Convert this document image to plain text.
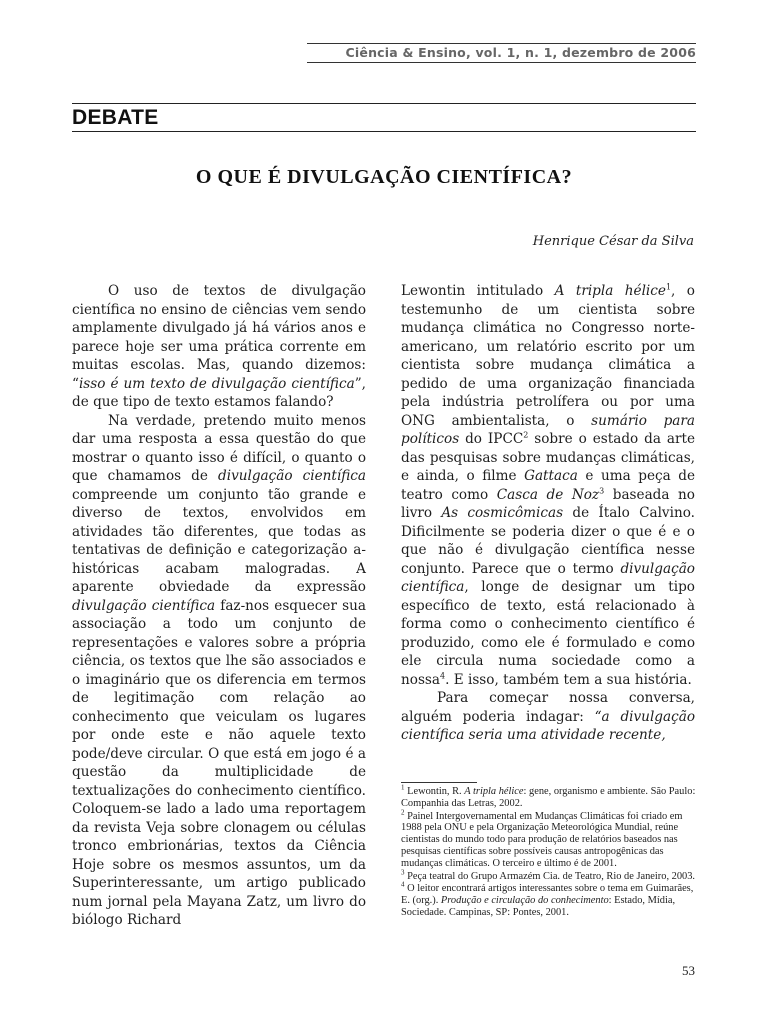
Ciência & Ensino, vol. 1, n. 1, dezembro de 2006
DEBATE
O QUE É DIVULGAÇÃO CIENTÍFICA?
Henrique César da Silva

O uso de textos de divulgação científica no ensino de ciências vem sendo amplamente divulgado já há vários anos e parece hoje ser uma prática corrente em muitas escolas. Mas, quando dizemos: “isso é um texto de divulgação científica”, de que tipo de texto estamos falando?

Na verdade, pretendo muito menos dar uma resposta a essa questão do que mostrar o quanto isso é difícil, o quanto o que chamamos de divulgação científica compreende um conjunto tão grande e diverso de textos, envolvidos em atividades tão diferentes, que todas as tentativas de definição e categorização a-históricas acabam malogradas. A aparente obviedade da expressão divulgação científica faz-nos esquecer sua associação a todo um conjunto de representações e valores sobre a própria ciência, os textos que lhe são associados e o imaginário que os diferencia em termos de legitimação com relação ao conhecimento que veiculam os lugares por onde este e não aquele texto pode/deve circular. O que está em jogo é a questão da multiplicidade de textualizações do conhecimento científico. Coloquem-se lado a lado uma reportagem da revista Veja sobre clonagem ou células tronco embrionárias, textos da Ciência Hoje sobre os mesmos assuntos, um da Superinteressante, um artigo publicado num jornal pela Mayana Zatz, um livro do biólogo Richard

Lewontin intitulado A tripla hélice$^1$, o testemunho de um cientista sobre mudança climática no Congresso norte-americano, um relatório escrito por um cientista sobre mudança climática a pedido de uma organização financiada pela indústria petrolífera ou por uma ONG ambientalista, o sumário para políticos do IPCC$^2$ sobre o estado da arte das pesquisas sobre mudanças climáticas, e ainda, o filme Gattaca e uma peça de teatro como Casca de Noz$^3$ baseada no livro As cosmicômicas de Ítalo Calvino. Dificilmente se poderia dizer o que é e o que não é divulgação científica nesse conjunto. Parece que o termo divulgação científica, longe de designar um tipo específico de texto, está relacionado à forma como o conhecimento científico é produzido, como ele é formulado e como ele circula numa sociedade como a nossa$^4$. E isso, também tem a sua história.

Para começar nossa conversa, alguém poderia indagar: “a divulgação científica seria uma atividade recente,

$^1$ Lewontin, R. A tripla hélice: gene, organismo e ambiente. São Paulo: Companhia das Letras, 2002.

$^2$ Painel Intergovernamental em Mudanças Climáticas foi criado em 1988 pela ONU e pela Organização Meteorológica Mundial, reúne cientistas do mundo todo para produção de relatórios baseados nas pesquisas científicas sobre possíveis causas antropogênicas das mudanças climáticas. O terceiro e último é de 2001.

$^3$ Peça teatral do Grupo Armazém Cia. de Teatro, Rio de Janeiro, 2003.

$^4$ O leitor encontrará artigos interessantes sobre o tema em Guimarães, E. (org.). Produção e circulação do conhecimento: Estado, Mídia, Sociedade. Campinas, SP: Pontes, 2001.

53
